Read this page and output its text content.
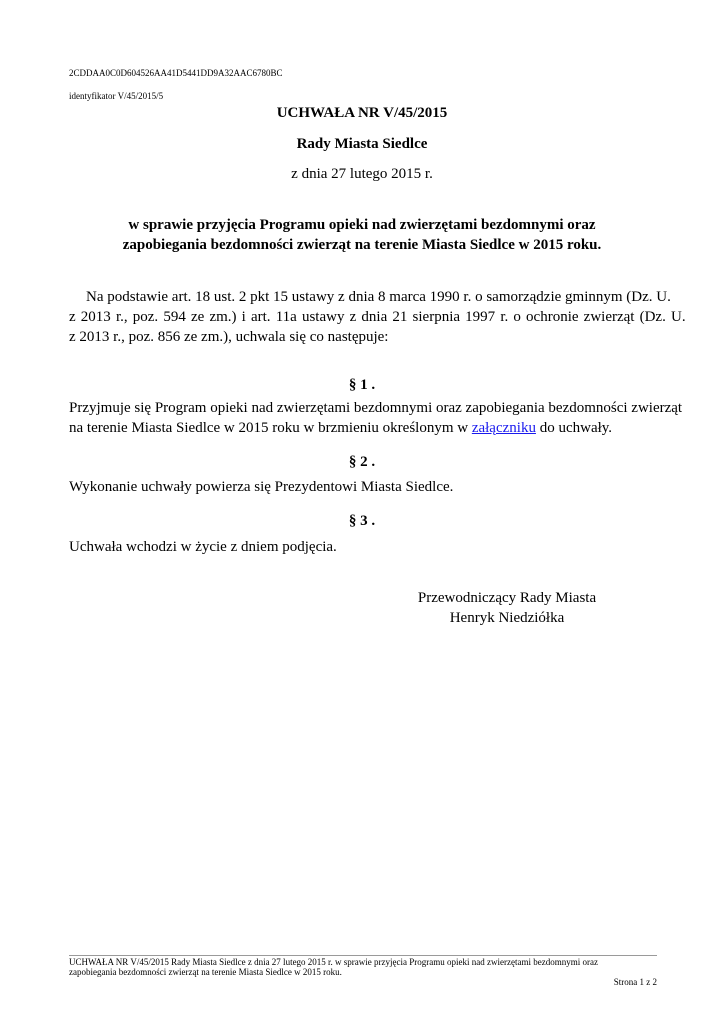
2CDDAA0C0D604526AA41D5441DD9A32AAC6780BC
identyfikator V/45/2015/5
UCHWAŁA NR V/45/2015
Rady Miasta Siedlce
z dnia 27 lutego 2015 r.
w sprawie przyjęcia Programu opieki nad zwierzętami bezdomnymi oraz
zapobiegania bezdomności zwierząt na terenie Miasta Siedlce w 2015 roku.
Na podstawie art. 18 ust. 2 pkt 15 ustawy z dnia 8 marca 1990 r. o samorządzie gminnym (Dz. U.
z 2013 r., poz. 594 ze zm.) i art. 11a ustawy z dnia 21 sierpnia 1997 r. o ochronie zwierząt (Dz. U.
z 2013 r., poz. 856 ze zm.), uchwala się co następuje:
§ 1 .
Przyjmuje się Program opieki nad zwierzętami bezdomnymi oraz zapobiegania bezdomności zwierząt
na terenie Miasta Siedlce w 2015 roku w brzmieniu określonym w załączniku do uchwały.
§ 2 .
Wykonanie uchwały powierza się Prezydentowi Miasta Siedlce.
§ 3 .
Uchwała wchodzi w życie z dniem podjęcia.
Przewodniczący Rady Miasta
Henryk Niedziółka
UCHWAŁA NR V/45/2015 Rady Miasta Siedlce z dnia 27 lutego 2015 r. w sprawie przyjęcia Programu opieki nad zwierzętami bezdomnymi oraz
zapobiegania bezdomności zwierząt na terenie Miasta Siedlce w 2015 roku.
Strona 1 z 2
